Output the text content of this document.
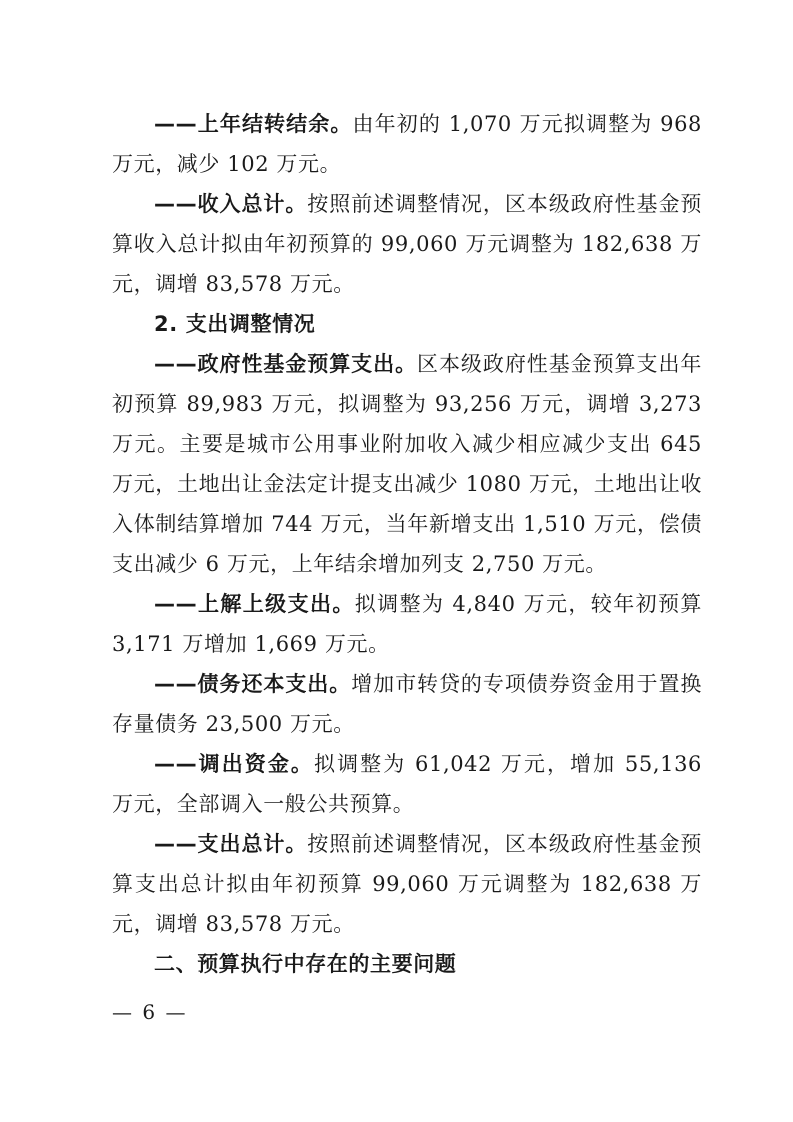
——上年结转结余。由年初的 1,070 万元拟调整为 968 万元，减少 102 万元。

——收入总计。按照前述调整情况，区本级政府性基金预算收入总计拟由年初预算的 99,060 万元调整为 182,638 万元，调增 83,578 万元。

2. 支出调整情况

——政府性基金预算支出。区本级政府性基金预算支出年初预算 89,983 万元，拟调整为 93,256 万元，调增 3,273 万元。主要是城市公用事业附加收入减少相应减少支出 645 万元，土地出让金法定计提支出减少 1080 万元，土地出让收入体制结算增加 744 万元，当年新增支出 1,510 万元，偿债支出减少 6 万元，上年结余增加列支 2,750 万元。

——上解上级支出。拟调整为 4,840 万元，较年初预算 3,171 万增加 1,669 万元。

——债务还本支出。增加市转贷的专项债券资金用于置换存量债务 23,500 万元。

——调出资金。拟调整为 61,042 万元，增加 55,136 万元，全部调入一般公共预算。

——支出总计。按照前述调整情况，区本级政府性基金预算支出总计拟由年初预算 99,060 万元调整为 182,638 万元，调增 83,578 万元。

二、预算执行中存在的主要问题

— 6 —
